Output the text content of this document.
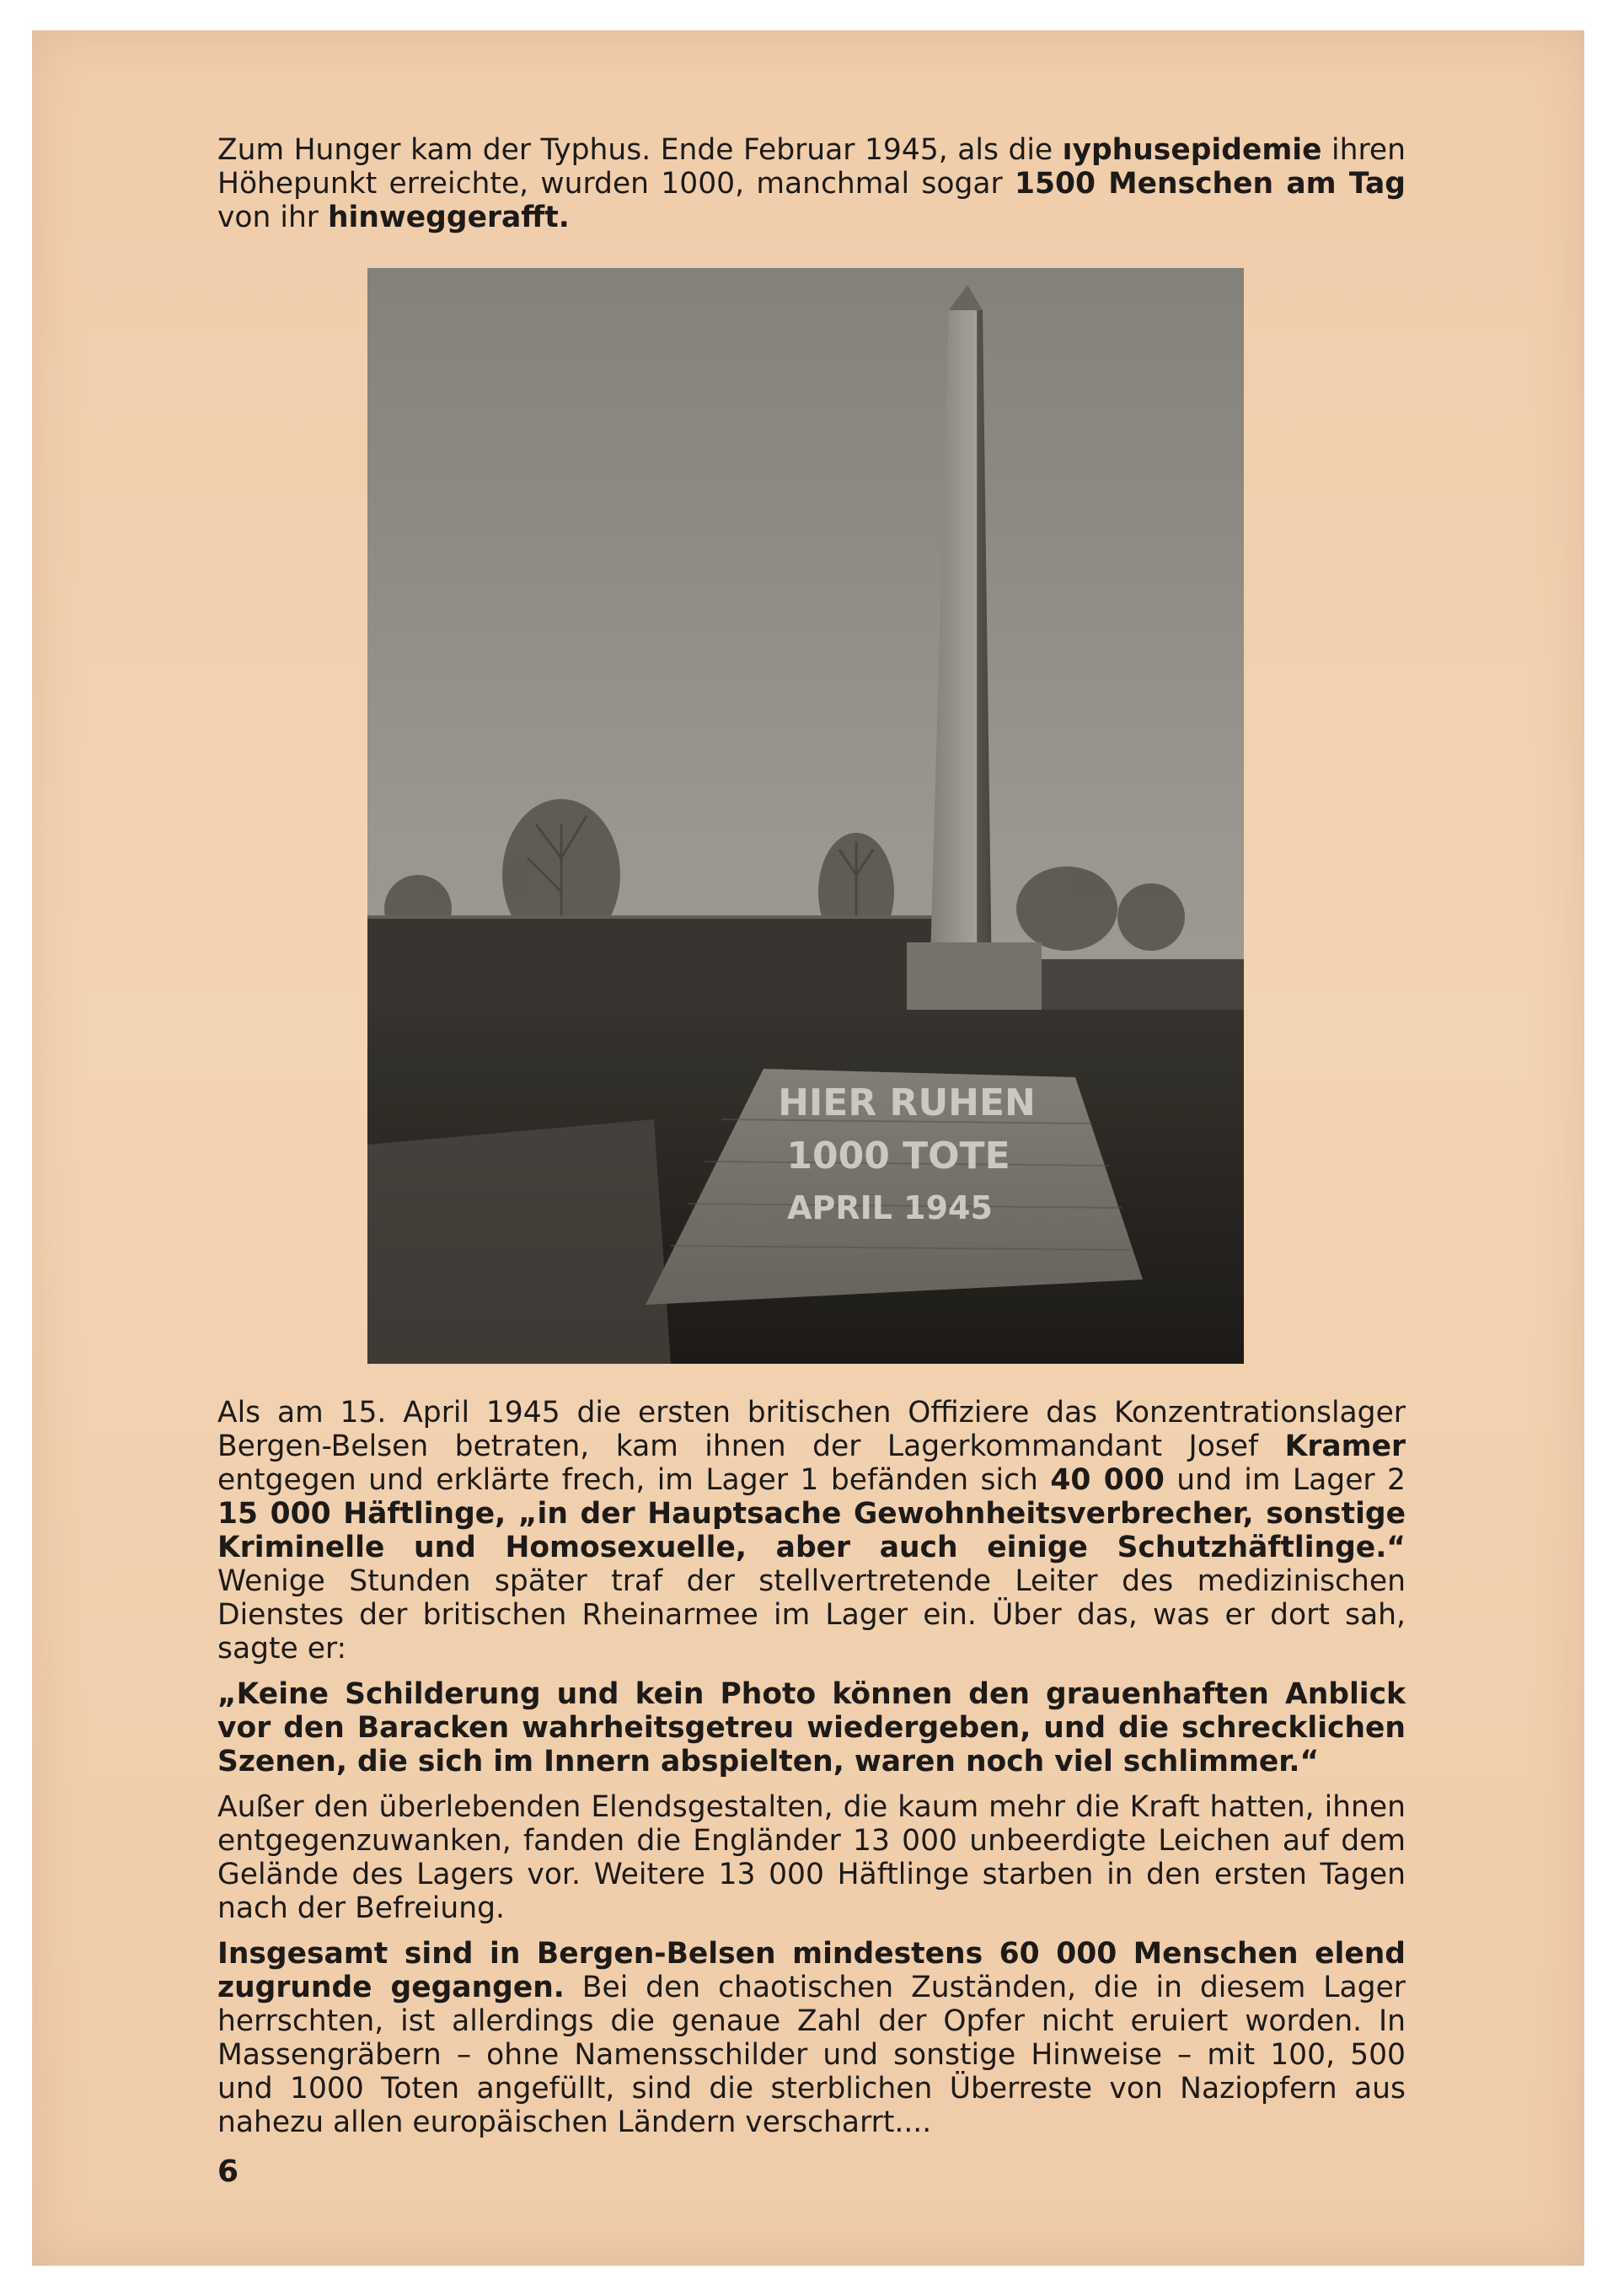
Zum Hunger kam der Typhus. Ende Februar 1945, als die ıyphusepidemie ihren Höhepunkt erreichte, wurden 1000, manchmal sogar 1500 Menschen am Tag von ihr hinweggerafft.

HIER RUHEN
1000 TOTE
APRIL 1945

Als am 15. April 1945 die ersten britischen Offiziere das Konzentrationslager Bergen-Belsen betraten, kam ihnen der Lagerkommandant Josef Kramer entgegen und erklärte frech, im Lager 1 befänden sich 40 000 und im Lager 2 15 000 Häftlinge, „in der Hauptsache Gewohnheitsverbrecher, sonstige Kriminelle und Homosexuelle, aber auch einige Schutzhäftlinge.“ Wenige Stunden später traf der stellvertretende Leiter des medizinischen Dienstes der britischen Rheinarmee im Lager ein. Über das, was er dort sah, sagte er:

„Keine Schilderung und kein Photo können den grauenhaften Anblick vor den Baracken wahrheitsgetreu wiedergeben, und die schrecklichen Szenen, die sich im Innern abspielten, waren noch viel schlimmer.“

Außer den überlebenden Elendsgestalten, die kaum mehr die Kraft hatten, ihnen entgegenzuwanken, fanden die Engländer 13 000 unbeerdigte Leichen auf dem Gelände des Lagers vor. Weitere 13 000 Häftlinge starben in den ersten Tagen nach der Befreiung.

Insgesamt sind in Bergen-Belsen mindestens 60 000 Menschen elend zugrunde gegangen. Bei den chaotischen Zuständen, die in diesem Lager herrschten, ist allerdings die genaue Zahl der Opfer nicht eruiert worden. In Massengräbern – ohne Namensschilder und sonstige Hinweise – mit 100, 500 und 1000 Toten angefüllt, sind die sterblichen Überreste von Naziopfern aus nahezu allen europäischen Ländern verscharrt....

6
